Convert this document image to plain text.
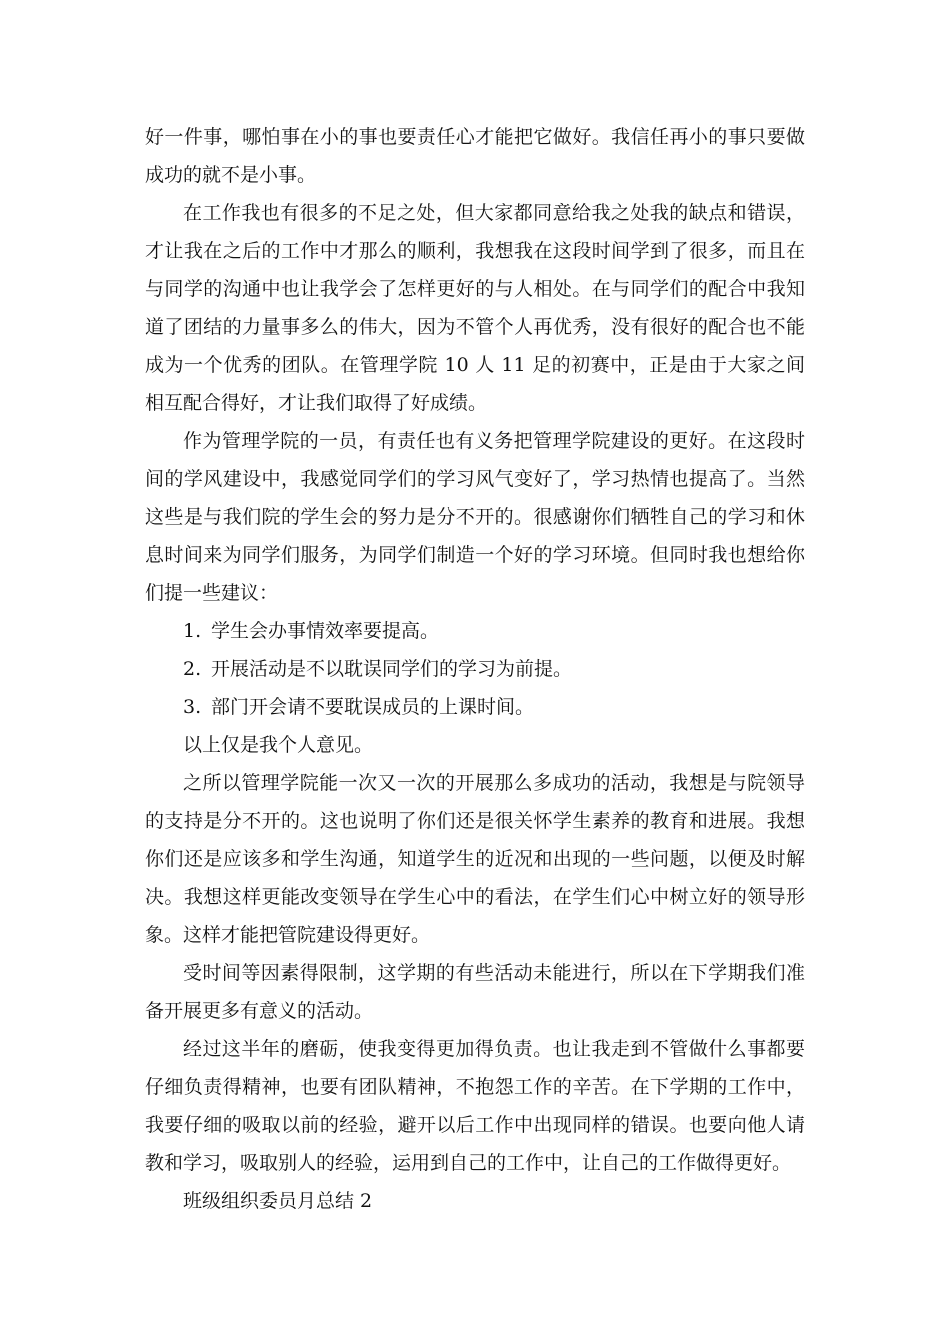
好一件事，哪怕事在小的事也要责任心才能把它做好。我信任再小的事只要做成功的就不是小事。

在工作我也有很多的不足之处，但大家都同意给我之处我的缺点和错误，才让我在之后的工作中才那么的顺利，我想我在这段时间学到了很多，而且在与同学的沟通中也让我学会了怎样更好的与人相处。在与同学们的配合中我知道了团结的力量事多么的伟大，因为不管个人再优秀，没有很好的配合也不能成为一个优秀的团队。在管理学院 10 人 11 足的初赛中，正是由于大家之间相互配合得好，才让我们取得了好成绩。

作为管理学院的一员，有责任也有义务把管理学院建设的更好。在这段时间的学风建设中，我感觉同学们的学习风气变好了，学习热情也提高了。当然这些是与我们院的学生会的努力是分不开的。很感谢你们牺牲自己的学习和休息时间来为同学们服务，为同学们制造一个好的学习环境。但同时我也想给你们提一些建议：

1. 学生会办事情效率要提高。
2. 开展活动是不以耽误同学们的学习为前提。
3. 部门开会请不要耽误成员的上课时间。

以上仅是我个人意见。

之所以管理学院能一次又一次的开展那么多成功的活动，我想是与院领导的支持是分不开的。这也说明了你们还是很关怀学生素养的教育和进展。我想你们还是应该多和学生沟通，知道学生的近况和出现的一些问题，以便及时解决。我想这样更能改变领导在学生心中的看法，在学生们心中树立好的领导形象。这样才能把管院建设得更好。

受时间等因素得限制，这学期的有些活动未能进行，所以在下学期我们准备开展更多有意义的活动。

经过这半年的磨砺，使我变得更加得负责。也让我走到不管做什么事都要仔细负责得精神，也要有团队精神，不抱怨工作的辛苦。在下学期的工作中，我要仔细的吸取以前的经验，避开以后工作中出现同样的错误。也要向他人请教和学习，吸取别人的经验，运用到自己的工作中，让自己的工作做得更好。

班级组织委员月总结 2
